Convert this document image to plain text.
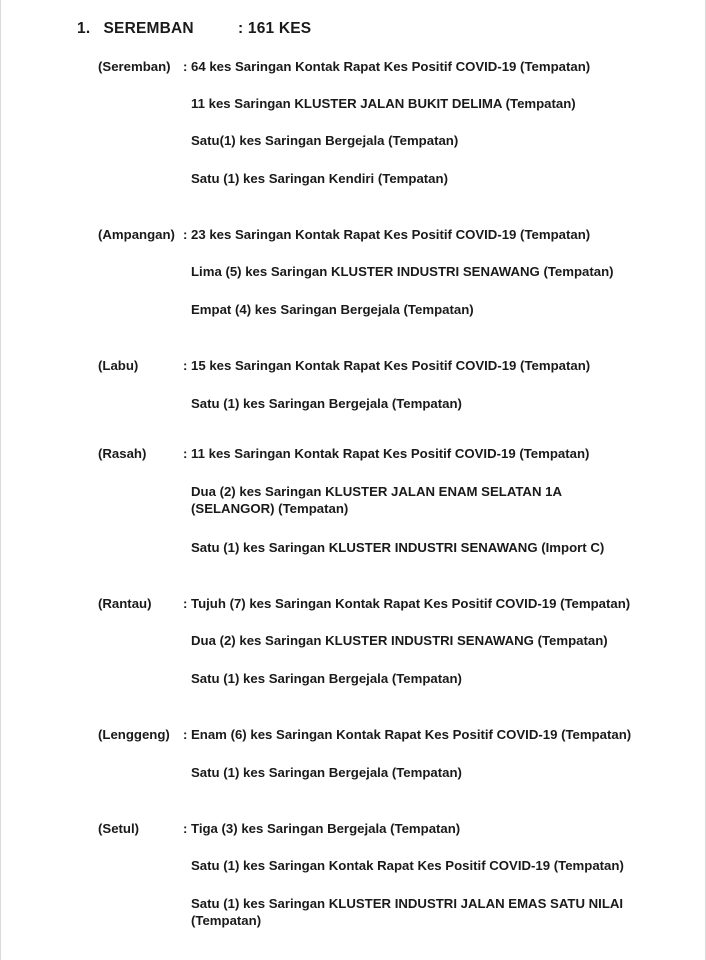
1. SEREMBAN	: 161 KES
(Seremban) : 64 kes Saringan Kontak Rapat Kes Positif COVID-19 (Tempatan)
11 kes Saringan KLUSTER JALAN BUKIT DELIMA (Tempatan)
Satu(1) kes Saringan Bergejala (Tempatan)
Satu (1) kes Saringan Kendiri (Tempatan)
(Ampangan) : 23 kes Saringan Kontak Rapat Kes Positif COVID-19 (Tempatan)
Lima (5) kes Saringan KLUSTER INDUSTRI SENAWANG (Tempatan)
Empat (4) kes Saringan Bergejala (Tempatan)
(Labu)	: 15 kes Saringan Kontak Rapat Kes Positif COVID-19 (Tempatan)
Satu (1) kes Saringan Bergejala (Tempatan)
(Rasah)	: 11 kes Saringan Kontak Rapat Kes Positif COVID-19 (Tempatan)
Dua (2) kes Saringan KLUSTER JALAN ENAM SELATAN 1A (SELANGOR) (Tempatan)
Satu (1) kes Saringan KLUSTER INDUSTRI SENAWANG (Import C)
(Rantau) : Tujuh (7) kes Saringan Kontak Rapat Kes Positif COVID-19 (Tempatan)
Dua (2) kes Saringan KLUSTER INDUSTRI SENAWANG (Tempatan)
Satu (1) kes Saringan Bergejala (Tempatan)
(Lenggeng) : Enam (6) kes Saringan Kontak Rapat Kes Positif COVID-19 (Tempatan)
Satu (1) kes Saringan Bergejala (Tempatan)
(Setul)	: Tiga (3) kes Saringan Bergejala (Tempatan)
Satu (1) kes Saringan Kontak Rapat Kes Positif COVID-19 (Tempatan)
Satu (1) kes Saringan KLUSTER INDUSTRI JALAN EMAS SATU NILAI (Tempatan)
